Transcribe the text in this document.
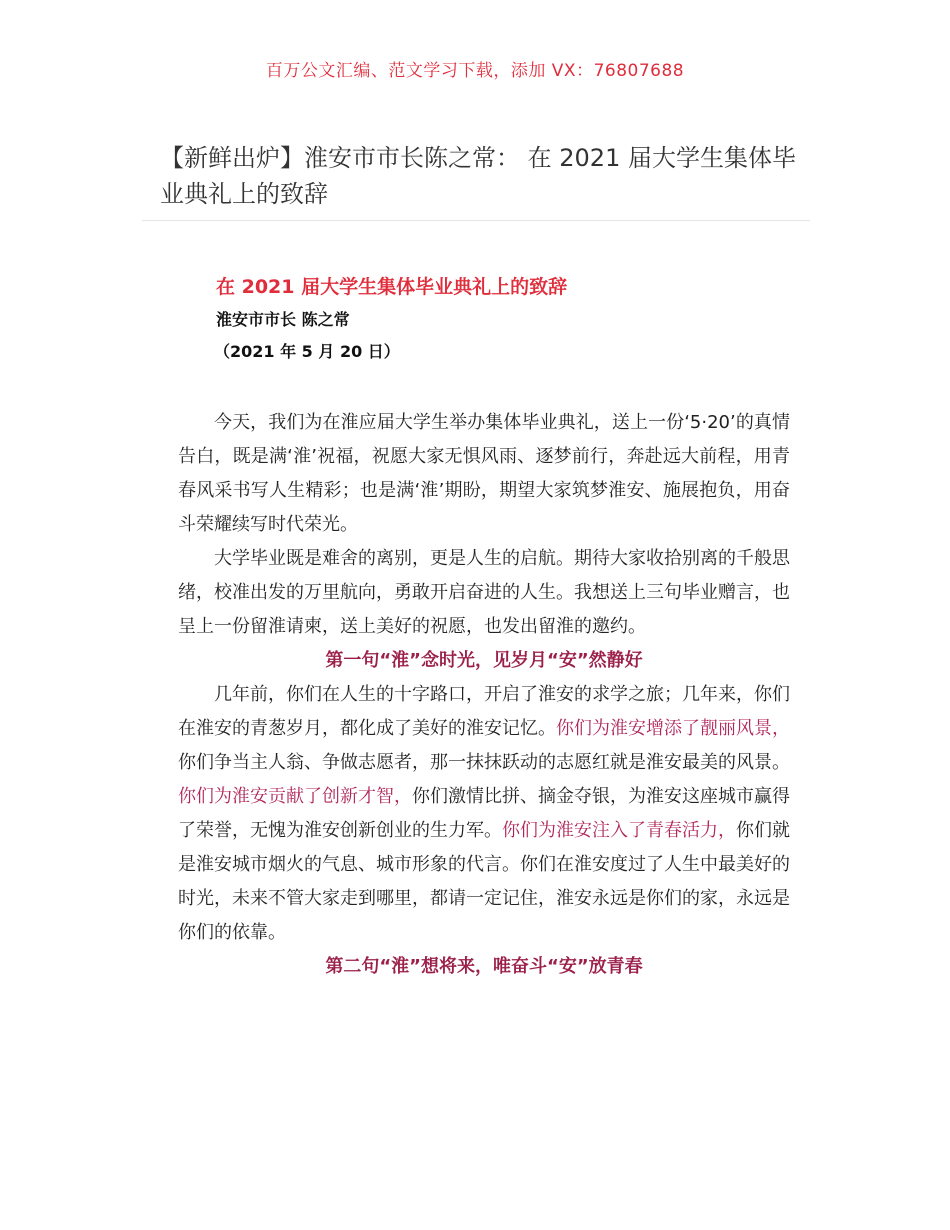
百万公文汇编、范文学习下载，添加 VX：76807688
【新鲜出炉】淮安市市长陈之常： 在 2021 届大学生集体毕业典礼上的致辞
在 2021 届大学生集体毕业典礼上的致辞
淮安市市长 陈之常
（2021 年 5 月 20 日）

今天，我们为在淮应届大学生举办集体毕业典礼，送上一份‘5·20’的真情告白，既是满‘淮’祝福，祝愿大家无惧风雨、逐梦前行，奔赴远大前程，用青春风采书写人生精彩；也是满‘淮’期盼，期望大家筑梦淮安、施展抱负，用奋斗荣耀续写时代荣光。

大学毕业既是难舍的离别，更是人生的启航。期待大家收拾别离的千般思绪，校准出发的万里航向，勇敢开启奋进的人生。我想送上三句毕业赠言，也呈上一份留淮请柬，送上美好的祝愿，也发出留淮的邀约。

第一句“淮”念时光，见岁月“安”然静好

几年前，你们在人生的十字路口，开启了淮安的求学之旅；几年来，你们在淮安的青葱岁月，都化成了美好的淮安记忆。你们为淮安增添了靓丽风景，你们争当主人翁、争做志愿者，那一抹抹跃动的志愿红就是淮安最美的风景。你们为淮安贡献了创新才智，你们激情比拼、摘金夺银，为淮安这座城市赢得了荣誉，无愧为淮安创新创业的生力军。你们为淮安注入了青春活力，你们就是淮安城市烟火的气息、城市形象的代言。你们在淮安度过了人生中最美好的时光，未来不管大家走到哪里，都请一定记住，淮安永远是你们的家，永远是你们的依靠。

第二句“淮”想将来，唯奋斗“安”放青春
